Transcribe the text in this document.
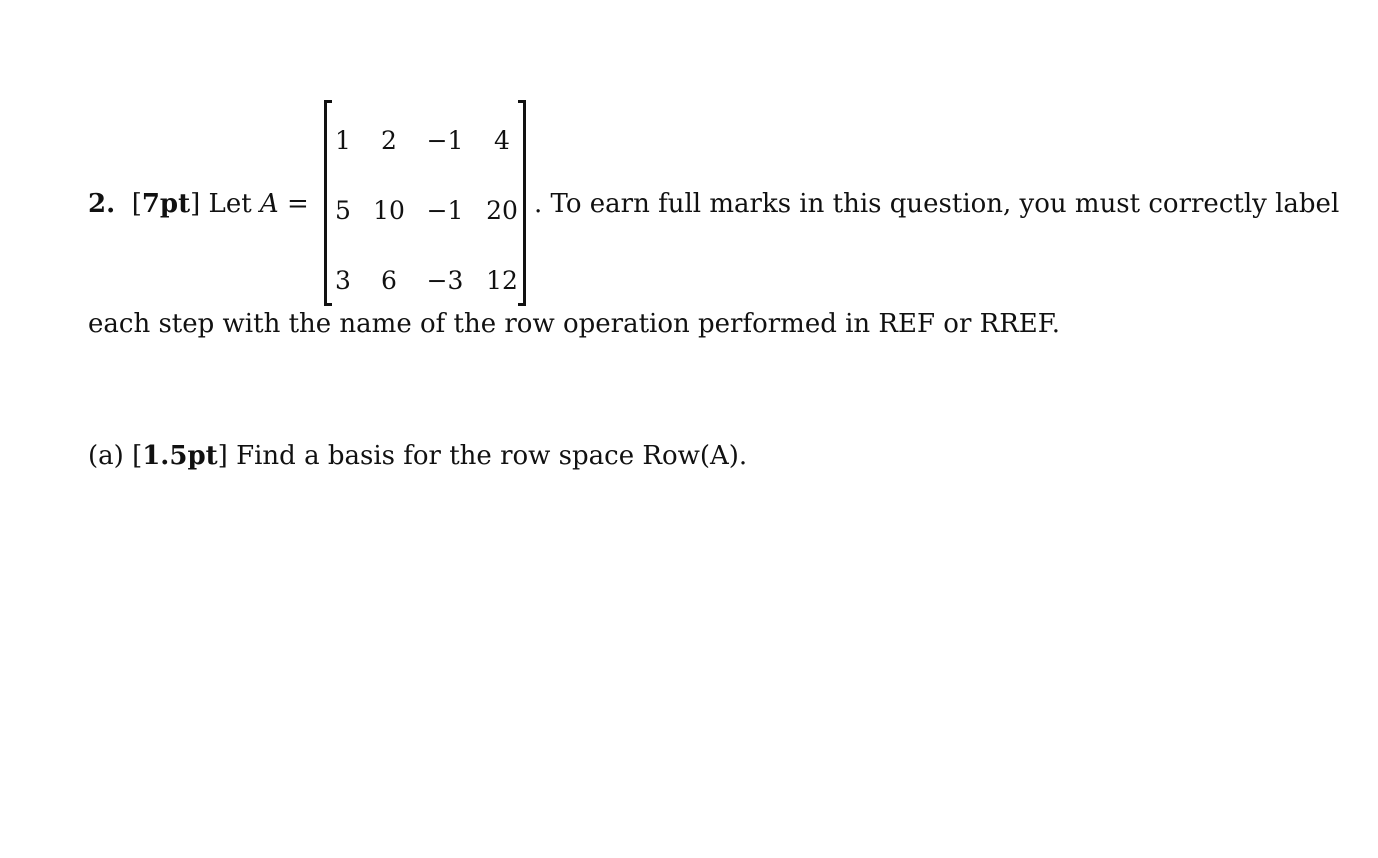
2. [7pt] Let A =
1	2	−1	4
5 10 −1 20
3	6	−3 12
. To earn full marks in this question, you must correctly label
each step with the name of the row operation performed in REF or RREF.
(a) [1.5pt] Find a basis for the row space Row(A).
